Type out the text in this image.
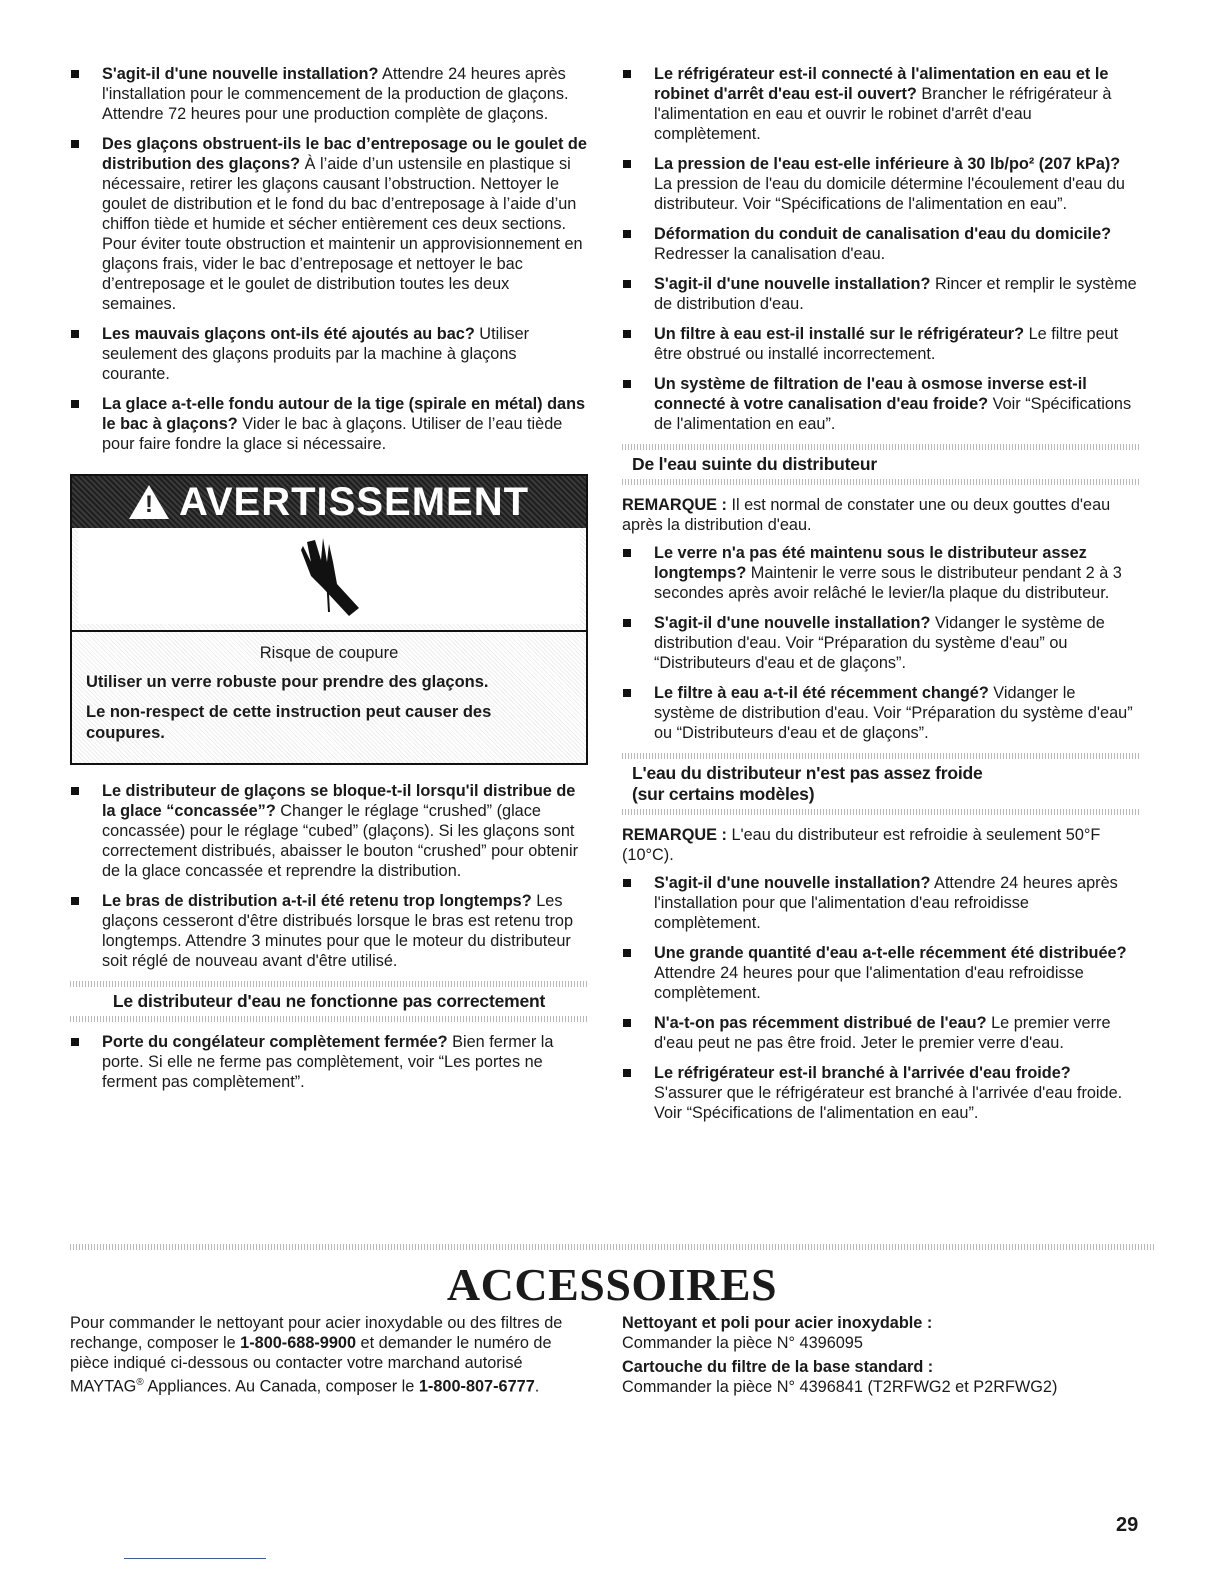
S'agit-il d'une nouvelle installation? Attendre 24 heures après l'installation pour le commencement de la production de glaçons. Attendre 72 heures pour une production complète de glaçons.
Des glaçons obstruent-ils le bac d’entreposage ou le goulet de distribution des glaçons? À l’aide d’un ustensile en plastique si nécessaire, retirer les glaçons causant l’obstruction. Nettoyer le goulet de distribution et le fond du bac d’entreposage à l’aide d’un chiffon tiède et humide et sécher entièrement ces deux sections. Pour éviter toute obstruction et maintenir un approvisionnement en glaçons frais, vider le bac d’entreposage et nettoyer le bac d’entreposage et le goulet de distribution toutes les deux semaines.
Les mauvais glaçons ont-ils été ajoutés au bac? Utiliser seulement des glaçons produits par la machine à glaçons courante.
La glace a-t-elle fondu autour de la tige (spirale en métal) dans le bac à glaçons? Vider le bac à glaçons. Utiliser de l’eau tiède pour faire fondre la glace si nécessaire.
! AVERTISSEMENT
Risque de coupure
Utiliser un verre robuste pour prendre des glaçons.
Le non-respect de cette instruction peut causer des coupures.
Le distributeur de glaçons se bloque-t-il lorsqu'il distribue de la glace “concassée”? Changer le réglage “crushed” (glace concassée) pour le réglage “cubed” (glaçons). Si les glaçons sont correctement distribués, abaisser le bouton “crushed” pour obtenir de la glace concassée et reprendre la distribution.
Le bras de distribution a-t-il été retenu trop longtemps? Les glaçons cesseront d'être distribués lorsque le bras est retenu trop longtemps. Attendre 3 minutes pour que le moteur du distributeur soit réglé de nouveau avant d'être utilisé.
Le distributeur d'eau ne fonctionne pas correctement
Porte du congélateur complètement fermée? Bien fermer la porte. Si elle ne ferme pas complètement, voir “Les portes ne ferment pas complètement”.
Le réfrigérateur est-il connecté à l'alimentation en eau et le robinet d'arrêt d'eau est-il ouvert? Brancher le réfrigérateur à l'alimentation en eau et ouvrir le robinet d'arrêt d'eau complètement.
La pression de l'eau est-elle inférieure à 30 lb/po² (207 kPa)? La pression de l'eau du domicile détermine l'écoulement d'eau du distributeur. Voir “Spécifications de l'alimentation en eau”.
Déformation du conduit de canalisation d'eau du domicile? Redresser la canalisation d'eau.
S'agit-il d'une nouvelle installation? Rincer et remplir le système de distribution d'eau.
Un filtre à eau est-il installé sur le réfrigérateur? Le filtre peut être obstrué ou installé incorrectement.
Un système de filtration de l'eau à osmose inverse est-il connecté à votre canalisation d'eau froide? Voir “Spécifications de l'alimentation en eau”.
De l'eau suinte du distributeur
REMARQUE : Il est normal de constater une ou deux gouttes d'eau après la distribution d'eau.
Le verre n'a pas été maintenu sous le distributeur assez longtemps? Maintenir le verre sous le distributeur pendant 2 à 3 secondes après avoir relâché le levier/la plaque du distributeur.
S'agit-il d'une nouvelle installation? Vidanger le système de distribution d'eau. Voir “Préparation du système d'eau” ou “Distributeurs d'eau et de glaçons”.
Le filtre à eau a-t-il été récemment changé? Vidanger le système de distribution d'eau. Voir “Préparation du système d'eau” ou “Distributeurs d'eau et de glaçons”.
L'eau du distributeur n'est pas assez froide
(sur certains modèles)
REMARQUE : L'eau du distributeur est refroidie à seulement 50°F (10°C).
S'agit-il d'une nouvelle installation? Attendre 24 heures après l'installation pour que l'alimentation d'eau refroidisse complètement.
Une grande quantité d'eau a-t-elle récemment été distribuée? Attendre 24 heures pour que l'alimentation d'eau refroidisse complètement.
N'a-t-on pas récemment distribué de l'eau? Le premier verre d'eau peut ne pas être froid. Jeter le premier verre d'eau.
Le réfrigérateur est-il branché à l'arrivée d'eau froide? S'assurer que le réfrigérateur est branché à l'arrivée d'eau froide. Voir “Spécifications de l'alimentation en eau”.
ACCESSOIRES
Pour commander le nettoyant pour acier inoxydable ou des filtres de rechange, composer le 1-800-688-9900 et demander le numéro de pièce indiqué ci-dessous ou contacter votre marchand autorisé MAYTAG® Appliances. Au Canada, composer le 1-800-807-6777.
Nettoyant et poli pour acier inoxydable :
Commander la pièce N° 4396095
Cartouche du filtre de la base standard :
Commander la pièce N° 4396841 (T2RFWG2 et P2RFWG2)
29
